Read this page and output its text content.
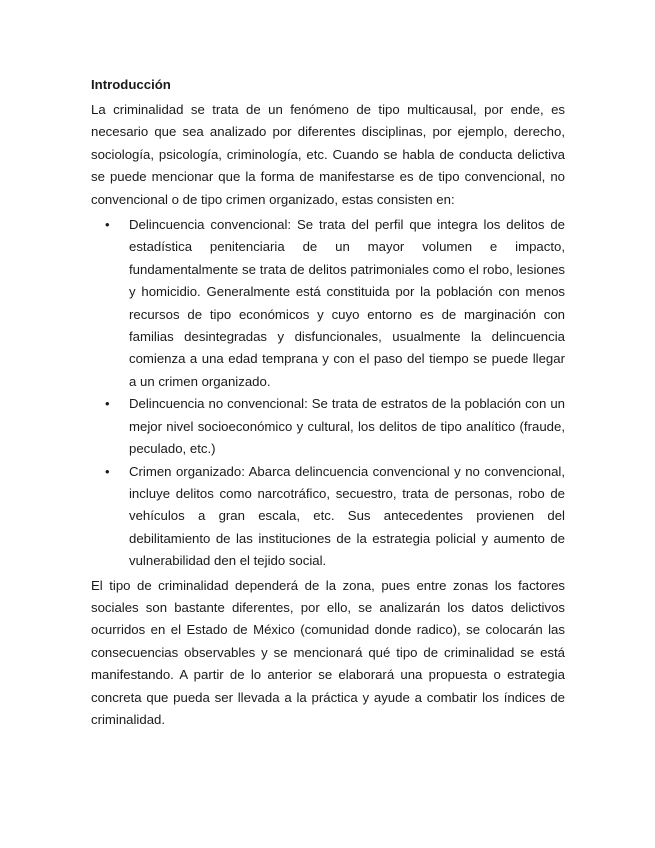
Introducción

La criminalidad se trata de un fenómeno de tipo multicausal, por ende, es necesario que sea analizado por diferentes disciplinas, por ejemplo, derecho, sociología, psicología, criminología, etc. Cuando se habla de conducta delictiva se puede mencionar que la forma de manifestarse es de tipo convencional, no convencional o de tipo crimen organizado, estas consisten en:

• Delincuencia convencional: Se trata del perfil que integra los delitos de estadística penitenciaria de un mayor volumen e impacto, fundamentalmente se trata de delitos patrimoniales como el robo, lesiones y homicidio. Generalmente está constituida por la población con menos recursos de tipo económicos y cuyo entorno es de marginación con familias desintegradas y disfuncionales, usualmente la delincuencia comienza a una edad temprana y con el paso del tiempo se puede llegar a un crimen organizado.
• Delincuencia no convencional: Se trata de estratos de la población con un mejor nivel socioeconómico y cultural, los delitos de tipo analítico (fraude, peculado, etc.)
• Crimen organizado: Abarca delincuencia convencional y no convencional, incluye delitos como narcotráfico, secuestro, trata de personas, robo de vehículos a gran escala, etc. Sus antecedentes provienen del debilitamiento de las instituciones de la estrategia policial y aumento de vulnerabilidad den el tejido social.

El tipo de criminalidad dependerá de la zona, pues entre zonas los factores sociales son bastante diferentes, por ello, se analizarán los datos delictivos ocurridos en el Estado de México (comunidad donde radico), se colocarán las consecuencias observables y se mencionará qué tipo de criminalidad se está manifestando. A partir de lo anterior se elaborará una propuesta o estrategia concreta que pueda ser llevada a la práctica y ayude a combatir los índices de criminalidad.
